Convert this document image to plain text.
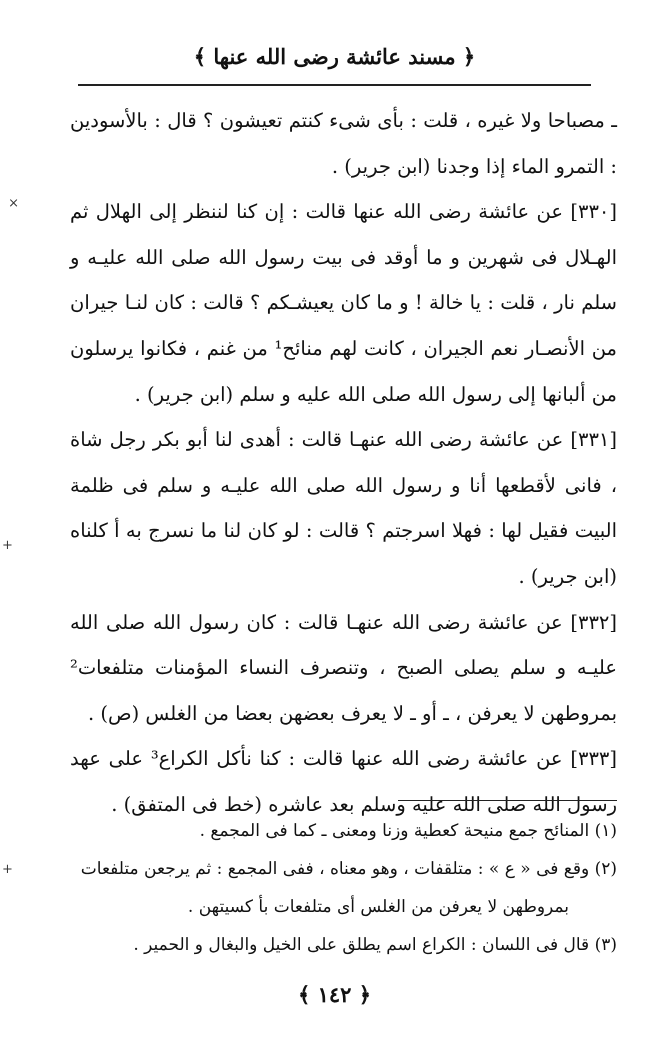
﴿ مسند عائشة رضى الله عنها ﴾

ـ مصباحا ولا غيره ، قلت : بأى شىء كنتم تعيشون ؟ قال : بالأسودين : التمرو الماء إذا وجدنا (ابن جرير) .

[٣٣٠] عن عائشة رضى الله عنها قالت : إن كنا لننظر إلى الهلال ثم الهـلال فى شهرين و ما أوقد فى بيت رسول الله صلى الله عليـه و سلم نار ، قلت : يا خالة ! و ما كان يعيشـكم ؟ قالت : كان لنـا جيران من الأنصـار نعم الجيران ، كانت لهم منائح¹ من غنم ، فكانوا يرسلون من ألبانها إلى رسول الله صلى الله عليه و سلم (ابن جرير) .

[٣٣١] عن عائشة رضى الله عنهـا قالت : أهدى لنا أبو بكر رجل شاة ، فانى لأقطعها أنا و رسول الله صلى الله عليـه و سلم فى ظلمة البيت فقيل لها : فهلا اسرجتم ؟ قالت : لو كان لنا ما نسرج به أ كلناه (ابن جرير) .

[٣٣٢] عن عائشة رضى الله عنهـا قالت : كان رسول الله صلى الله عليـه و سلم يصلى الصبح ، وتنصرف النساء المؤمنات متلفعات² بمروطهن لا يعرفن ، ـ أو ـ لا يعرف بعضهن بعضا من الغلس (ص) .

[٣٣٣] عن عائشة رضى الله عنها قالت : كنا نأكل الكراع³ على عهد رسول الله صلى الله عليه وسلم بعد عاشره (خط فى المتفق) .

(١) المنائح جمع منيحة كعطية وزنا ومعنى ـ كما فى المجمع .

(٢) وقع فى « ع » : متلقفات ، وهو معناه ، ففى المجمع : ثم يرجعن متلفعات

بمروطهن لا يعرفن من الغلس أى متلفعات بأ كسيتهن .

(٣) قال فى اللسان : الكراع اسم يطلق على الخيل والبغال و الحمير .

﴿ ١٤٢ ﴾
×
+
+
